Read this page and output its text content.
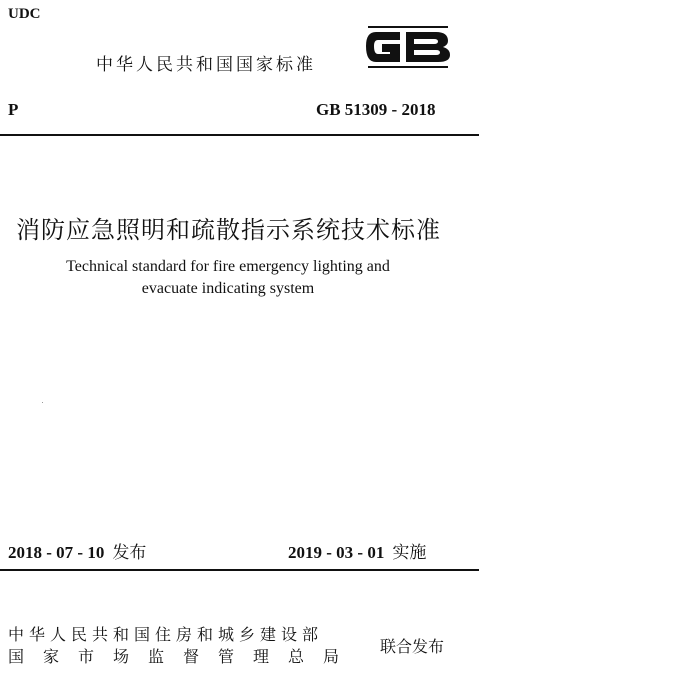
UDC
中华人民共和国国家标准
P	GB 51309 - 2018
消防应急照明和疏散指示系统技术标准
Technical standard for fire emergency lighting and
evacuate indicating system
2018 - 07 - 10 发布	2019 - 03 - 01 实施
中华人民共和国住房和城乡建设部
国家市场监督管理总局
联合发布
